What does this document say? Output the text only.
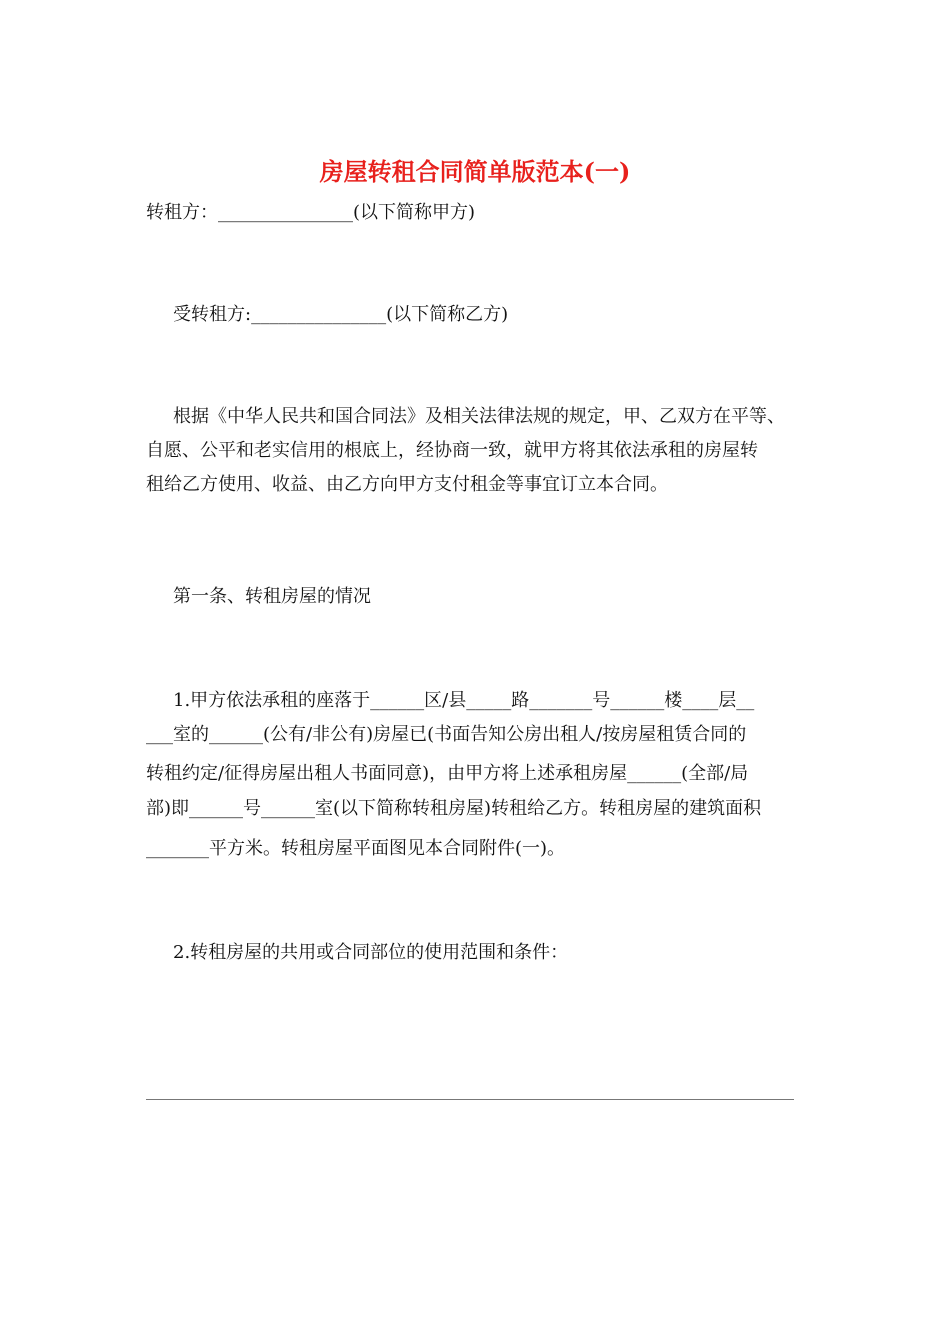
房屋转租合同简单版范本(一)
转租方：_______________(以下简称甲方)
受转租方:_______________(以下简称乙方)
根据《中华人民共和国合同法》及相关法律法规的规定，甲、乙双方在平等、
自愿、公平和老实信用的根底上，经协商一致，就甲方将其依法承租的房屋转
租给乙方使用、收益、由乙方向甲方支付租金等事宜订立本合同。
第一条、转租房屋的情况
1.甲方依法承租的座落于______区/县_____路_______号______楼____层__
___室的______(公有/非公有)房屋已(书面告知公房出租人/按房屋租赁合同的
转租约定/征得房屋出租人书面同意)，由甲方将上述承租房屋______(全部/局
部)即______号______室(以下简称转租房屋)转租给乙方。转租房屋的建筑面积
_______平方米。转租房屋平面图见本合同附件(一)。
2.转租房屋的共用或合同部位的使用范围和条件：
